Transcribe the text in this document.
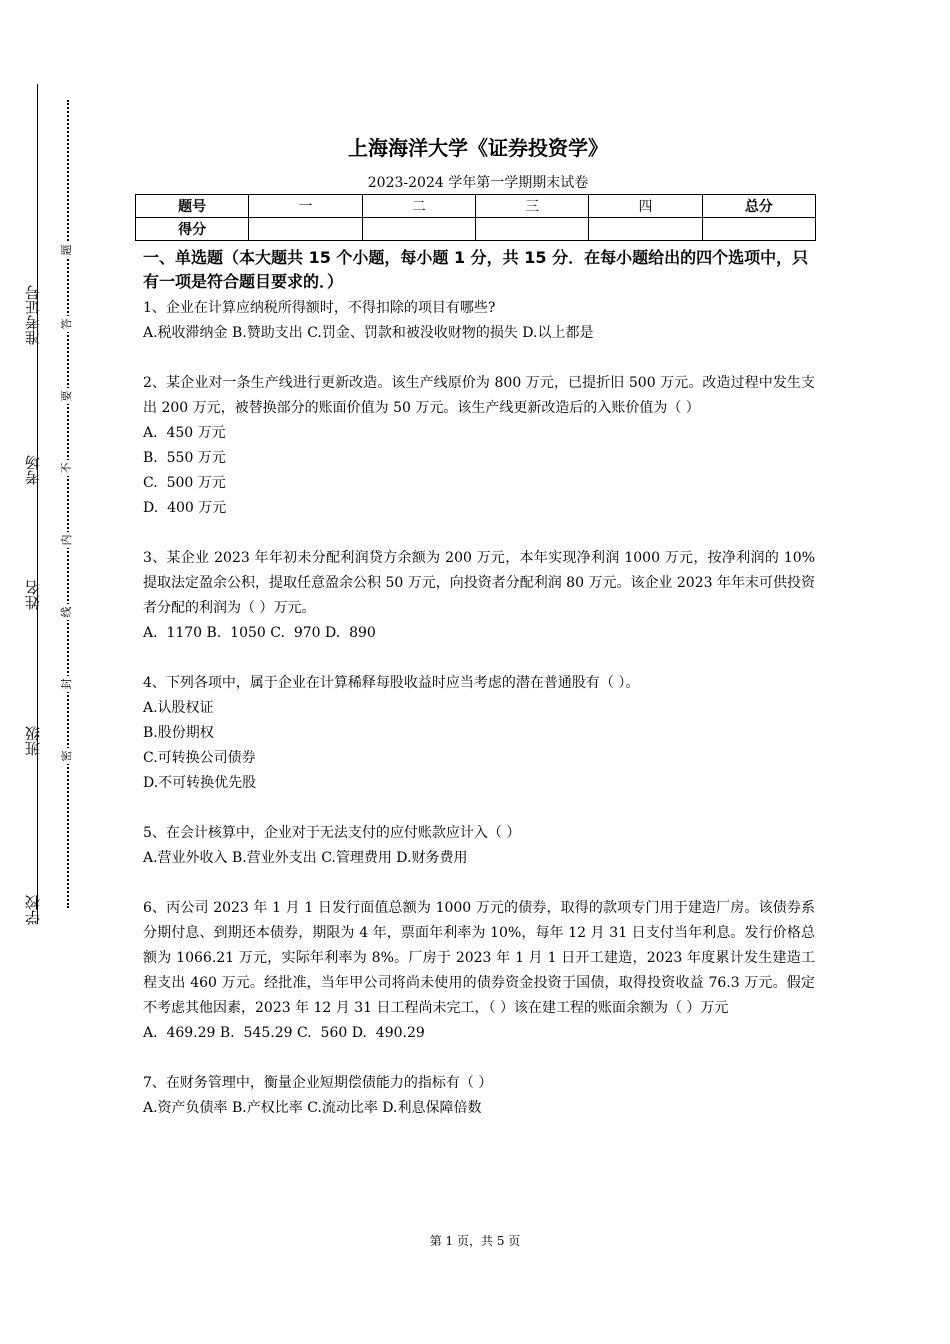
准考证号
考场
姓名
班级
学校
题
答
要
不
内
线
封
密
上海海洋大学《证券投资学》
2023-2024 学年第一学期期末试卷
题号	一	二	三	四	总分
得分					
一、单选题（本大题共 15 个小题，每小题 1 分，共 15 分．在每小题给出的四个选项中，只有一项是符合题目要求的．）
1、企业在计算应纳税所得额时，不得扣除的项目有哪些?
A.税收滞纳金 B.赞助支出 C.罚金、罚款和被没收财物的损失 D.以上都是
2、某企业对一条生产线进行更新改造。该生产线原价为 800 万元，已提折旧 500 万元。改造过程中发生支出 200 万元，被替换部分的账面价值为 50 万元。该生产线更新改造后的入账价值为（ ）
A.  450 万元
B.  550 万元
C.  500 万元
D.  400 万元
3、某企业 2023 年年初未分配利润贷方余额为 200 万元，本年实现净利润 1000 万元，按净利润的 10%提取法定盈余公积，提取任意盈余公积 50 万元，向投资者分配利润 80 万元。该企业 2023 年年末可供投资者分配的利润为（ ）万元。
A.  1170 B.  1050 C.  970 D.  890
4、下列各项中，属于企业在计算稀释每股收益时应当考虑的潜在普通股有（ ）。
A.认股权证
B.股份期权
C.可转换公司债券
D.不可转换优先股
5、在会计核算中，企业对于无法支付的应付账款应计入（ ）
A.营业外收入 B.营业外支出 C.管理费用 D.财务费用
6、丙公司 2023 年 1 月 1 日发行面值总额为 1000 万元的债券，取得的款项专门用于建造厂房。该债券系分期付息、到期还本债券，期限为 4 年，票面年利率为 10%，每年 12 月 31 日支付当年利息。发行价格总额为 1066.21 万元，实际年利率为 8%。厂房于 2023 年 1 月 1 日开工建造，2023 年度累计发生建造工程支出 460 万元。经批准，当年甲公司将尚未使用的债券资金投资于国债，取得投资收益 76.3 万元。假定不考虑其他因素，2023 年 12 月 31 日工程尚未完工，（ ）该在建工程的账面余额为（ ）万元
A.  469.29 B.  545.29 C.  560 D.  490.29
7、在财务管理中，衡量企业短期偿债能力的指标有（ ）
A.资产负债率 B.产权比率 C.流动比率 D.利息保障倍数
第 1 页，共 5 页
